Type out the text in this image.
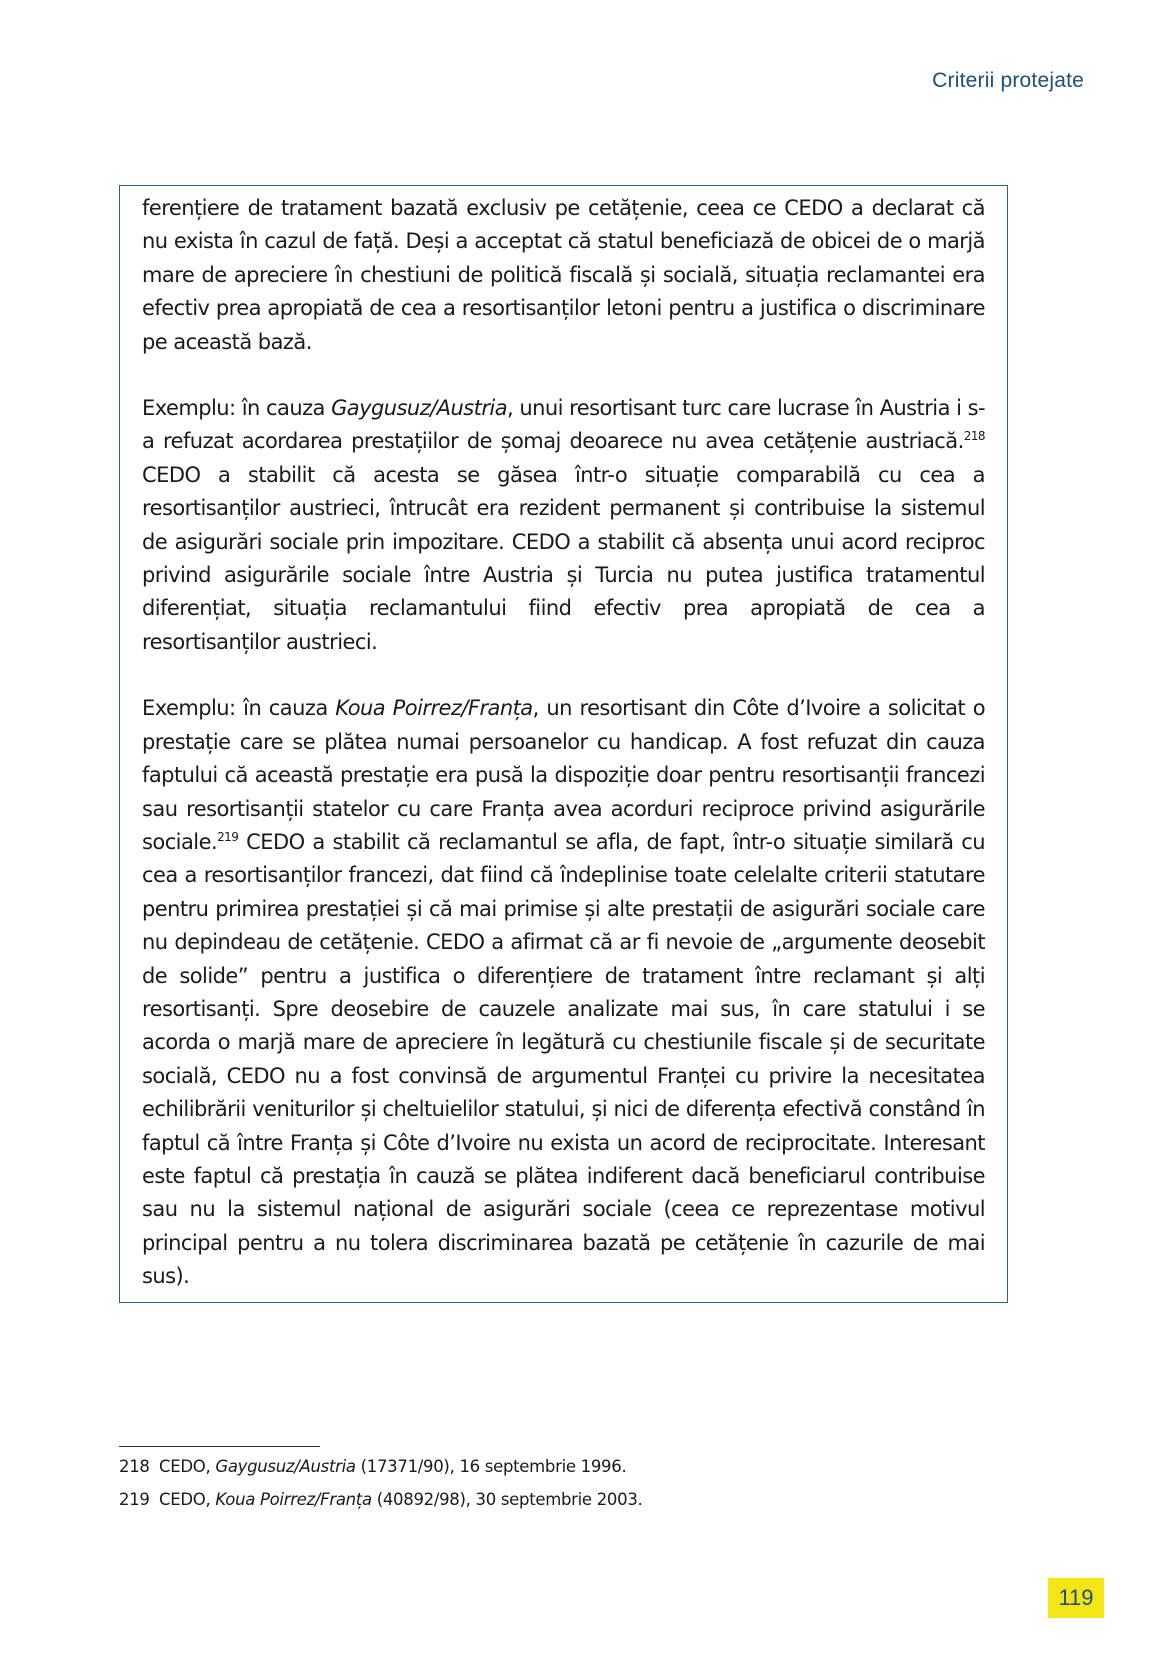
Criterii protejate

ferențiere de tratament bazată exclusiv pe cetățenie, ceea ce CEDO a declarat că nu exista în cazul de față. Deși a acceptat că statul beneficiază de obicei de o marjă mare de apreciere în chestiuni de politică fiscală și socială, situația reclamantei era efectiv prea apropiată de cea a resortisanților letoni pentru a justifica o discriminare pe această bază.

Exemplu: în cauza Gaygusuz/Austria, unui resortisant turc care lucrase în Austria i s-a refuzat acordarea prestațiilor de șomaj deoarece nu avea cetățenie austriacă.$^{218}$ CEDO a stabilit că acesta se găsea într-o situație comparabilă cu cea a resortisanților austrieci, întrucât era rezident permanent și contribuise la sistemul de asigurări sociale prin impozitare. CEDO a stabilit că absența unui acord reciproc privind asigurările sociale între Austria și Turcia nu putea justifica tratamentul diferențiat, situația reclamantului fiind efectiv prea apropiată de cea a resortisanților austrieci.

Exemplu: în cauza Koua Poirrez/Franța, un resortisant din Côte d’Ivoire a solicitat o prestație care se plătea numai persoanelor cu handicap. A fost refuzat din cauza faptului că această prestație era pusă la dispoziție doar pentru resortisanții francezi sau resortisanții statelor cu care Franța avea acorduri reciproce privind asigurările sociale.$^{219}$ CEDO a stabilit că reclamantul se afla, de fapt, într-o situație similară cu cea a resortisanților francezi, dat fiind că îndeplinise toate celelalte criterii statutare pentru primirea prestației și că mai primise și alte prestații de asigurări sociale care nu depindeau de cetățenie. CEDO a afirmat că ar fi nevoie de „argumente deosebit de solide” pentru a justifica o diferențiere de tratament între reclamant și alți resortisanți. Spre deosebire de cauzele analizate mai sus, în care statului i se acorda o marjă mare de apreciere în legătură cu chestiunile fiscale și de securitate socială, CEDO nu a fost convinsă de argumentul Franței cu privire la necesitatea echilibrării veniturilor și cheltuielilor statului, și nici de diferența efectivă constând în faptul că între Franța și Côte d’Ivoire nu exista un acord de reciprocitate. Interesant este faptul că prestația în cauză se plătea indiferent dacă beneficiarul contribuise sau nu la sistemul național de asigurări sociale (ceea ce reprezentase motivul principal pentru a nu tolera discriminarea bazată pe cetățenie în cazurile de mai sus).

218 CEDO, Gaygusuz/Austria (17371/90), 16 septembrie 1996.
219 CEDO, Koua Poirrez/Franța (40892/98), 30 septembrie 2003.
119
